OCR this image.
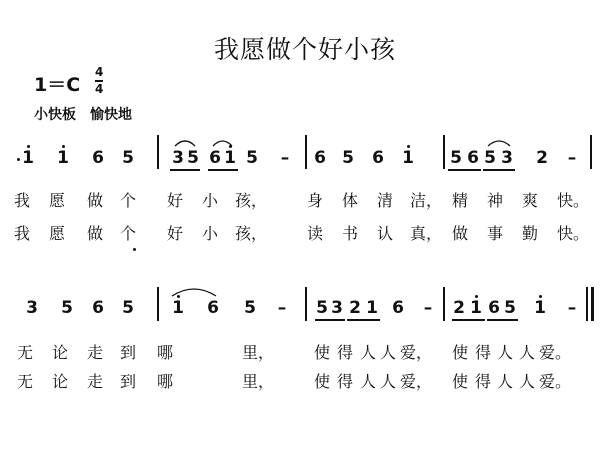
我愿做个好小孩
1＝C
4
4
小快板　愉快地
1 1 6 5 3 5 6 1 5 – 6 5 6 1 5 6 5 3 2 –
3 5 6 5 1 6 5 – 5 3 2 1 6 – 2 1 6 5 1 –
我 愿 做 个 好 小 孩， 身 体 清 洁， 精 神 爽 快。
我 愿 做 个 好 小 孩， 读 书 认 真， 做 事 勤 快。
无 论 走 到 哪	里， 使 得 人 人 爱， 使 得 人 人 爱。
无 论 走 到 哪	里， 使 得 人 人 爱， 使 得 人 人 爱。
